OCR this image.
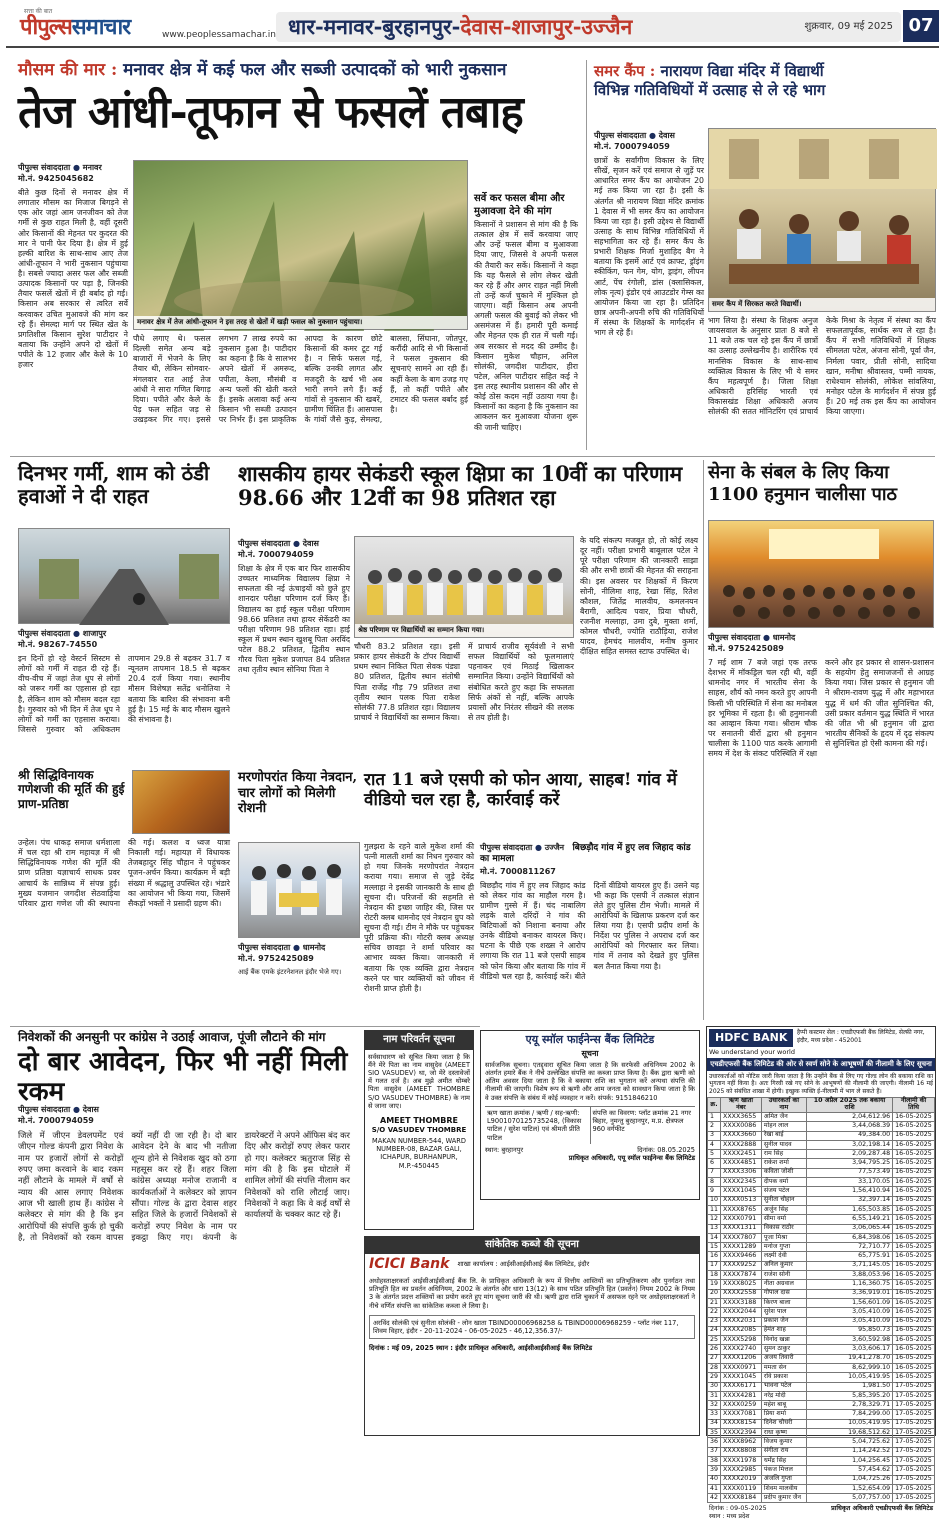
सत्ता की बात
पीपुल्ससमाचार	www.peoplessamachar.in धार-मनावर-बुरहानपुर-देवास-शाजापुर-उज्जैन	शुक्रवार, 09 मई 2025 07
मौसम की मार : मनावर क्षेत्र में कई फल और सब्जी उत्पादकों को भारी नुकसान
तेज आंधी-तूफान से फसलें तबाह
पीपुल्स संवाददाता ● मनावर
मो.नं. 9425045682
बीते कुछ दिनों से मनावर क्षेत्र में लगातार मौसम का मिजाज बिगड़ने से एक ओर जहां आम जनजीवन को तेज गर्मी से कुछ राहत मिली है, वहीं दूसरी ओर किसानों की मेहनत पर कुदरत की मार ने पानी फेर दिया है। क्षेत्र में हुई हल्की बारिश के साथ-साथ आए तेज आंधी-तूफान ने भारी नुकसान पहुंचाया है। सबसे ज्यादा असर फल और सब्जी उत्पादक किसानों पर पड़ा है, जिनकी तैयार फसलें खेतों में ही बर्बाद हो गईं। किसान अब सरकार से त्वरित सर्वे करवाकर उचित मुआवजे की मांग कर रहे हैं। सेमल्दा मार्ग पर स्थित खेत के प्रगतिशील किसान सुरेश पाटीदार ने बताया कि उन्होंने अपने दो खेतों में पपीते के 12 हजार और केले के 10 हजार
मनावर क्षेत्र में तेज आंधी-तूफान ने इस तरह से खेतों में खड़ी फसल को नुकसान पहुंचाया।
पौधे लगाए थे। फसल दिल्ली समेत अन्य बड़े बाजारों में भेजने के लिए तैयार थी, लेकिन सोमवार-मंगलवार रात आई तेज आंधी ने सारा गणित बिगाड़ दिया। पपीते और केले के पेड़ फल सहित जड़ से उखड़कर गिर गए। इससे लगभग 7 लाख रुपये का नुकसान हुआ है। पाटीदार का कहना है कि वे सालभर अपने खेतों में अमरूद, पपीता, केला, मौसंबी व अन्य फलों की खेती करते हैं। इसके अलावा कई अन्य किसान भी सब्जी उत्पादन पर निर्भर हैं। इस प्राकृतिक आपदा के कारण छोटे किसानों की कमर टूट गई है। न सिर्फ फसल गई, बल्कि उनकी लागत और मजदूरी के खर्च भी अब भारी लगने लगे हैं। कई गांवों से नुकसान की खबरें, ग्रामीण चिंतित हैं। आसपास के गांवों जैसे कुड़, सेमल्दा, बालसा, सिंघाना, जोतपुर, करौंदी आदि से भी किसानों ने फसल नुकसान की सूचनाएं सामने आ रही हैं। कहीं केला के बाग उजड़ गए हैं, तो कहीं पपीते और टमाटर की फसल बर्बाद हुई है।
सर्वे कर फसल बीमा और मुआवजा देने की मांग
किसानों ने प्रशासन से मांग की है कि तत्काल क्षेत्र में सर्वे करवाया जाए और उन्हें फसल बीमा व मुआवजा दिया जाए, जिससे वे अपनी फसल की तैयारी कर सकें। किसानों ने कहा कि यह फैसले से लोग लेकर खेती कर रहे हैं और अगर राहत नहीं मिली तो उन्हें कर्ज चुकाने में मुश्किल हो जाएगा। वहीं किसान अब अपनी अगली फसल की बुवाई को लेकर भी असमंजस में हैं। हमारी पूरी कमाई और मेहनत एक ही रात में चली गई। अब सरकार से मदद की उम्मीद है। किसान मुकेश चौहान, अनिल सोलंकी, जगदीश पाटीदार, हीरा पटेल, अनिल पाटीदार सहित कई ने इस तरह स्थानीय प्रशासन की और से कोई ठोस कदम नहीं उठाया गया है। किसानों का कहना है कि नुकसान का आकलन कर मुआवजा योजना शुरू की जानी चाहिए।
समर कैंप : नारायण विद्या मंदिर में विद्यार्थी
विभिन्न गतिविधियों में उत्साह से ले रहे भाग
पीपुल्स संवाददाता ● देवास
मो.नं. 7000794059
छात्रों के सर्वांगीण विकास के लिए सीखें, सृजन करें एवं समाज से जुड़ें पर आधारित समर कैंप का आयोजन 20 मई तक किया जा रहा है। इसी के अंतर्गत श्री नारायण विद्या मंदिर क्रमांक 1 देवास में भी समर कैंप का आयोजन किया जा रहा है। इसी उद्देश्य से विद्यार्थी उत्साह के साथ विभिन्न गतिविधियों में सहभागिता कर रहे हैं। समर कैंप के प्रभारी शिक्षक मिर्जा मुशाहिद बैग ने बताया कि इसमें आर्ट एवं क्राफ्ट, ड्रॉइंग स्कीकिंग, फन गेम, योग, ड्राइंग, लीपन आर्ट, पेंच रंगोली, डांस (क्लासिकल, लोक नृत्य) इंडोर एवं आउटडोर गेम्स का आयोजन किया जा रहा है। प्रतिदिन छात्र अपनी-अपनी रुचि की गतिविधियों में संस्था के शिक्षकों के मार्गदर्शन में भाग ले रहे हैं।
समर कैंप में सिरकत करते विद्यार्थी।
भाग लिया है। संस्था के शिक्षक अनुज जायसवाल के अनुसार प्रातः 8 बजे से 11 बजे तक चल रहे इस कैंप में छात्रों का उत्साह उल्लेखनीय है। शारीरिक एवं मानसिक विकास के साथ-साथ व्यक्तित्व विकास के लिए भी ये समर कैंप महत्वपूर्ण है। जिला शिक्षा अधिकारी हरिसिंह भारती एवं विकासखंड शिक्षा अधिकारी अजय सोलंकी की सतत मॉनिटरिंग एवं प्राचार्य केके मिश्रा के नेतृत्व में संस्था का कैंप सफलतापूर्वक, सार्थक रूप ले रहा है। कैंप में सभी गतिविधियों में शिक्षक सीमलता पटेल, अंजना सोनी, पूर्वा जैन, निर्मला पवार, प्रीती सोनी, सादिया खान, मनीषा श्रीवास्तव, पम्मी नायक, राधेश्याम सोलंकी, लोकेश सांवलिया, मनोहर पटेल के मार्गदर्शन में संपन्न हुई हैं। 20 मई तक इस कैंप का आयोजन किया जाएगा।
दिनभर गर्मी, शाम को ठंडी हवाओं ने दी राहत
पीपुल्स संवाददाता ● शाजापुर
मो.नं. 98267-74550
इन दिनों हो रहे वेस्टर्न सिस्टम से लोगों को गर्मी में राहत दी रहे हैं। वीच-वीच में जहां तेज धूप से लोगों को जरूर गर्मी का एहसास हो रहा है, लेकिन शाम को मौसम बदल रहा है। गुरुवार को भी दिन में तेज धूप ने लोगों को गर्मी का एहसास कराया। जिससे गुरुवार को अधिकतम तापमान 29.8 से बढ़कर 31.7 व न्यूनतम तापमान 18.5 से बढ़कर 20.4 दर्ज किया गया। स्थानीय मौसम विशेषज्ञ सतेंद्र धनोतिया ने बताया कि बारिश की संभावना बनी हुई है। 15 मई के बाद मौसम खुलने की संभावना है।
श्री सिद्धिविनायक गणेशजी की मूर्ति की हुई प्राण-प्रतिष्ठा
उन्हेल। पंच धाकड़ समाज धर्मशाला में चल रहा श्री राम महायज्ञ में श्री सिद्धिविनायक गणेश की मूर्ति की प्राण प्रतिष्ठा यज्ञाचार्य साधक प्रवर आचार्य के सान्निध्य में संपन्न हुई। मुख्य यजमान जगदीश सेठवाड़िया परिवार द्वारा गणेश जी की स्थापना की गई। कलश व ध्वज यात्रा निकाली गई। महायज्ञ में विधायक तेजबहादुर सिंह चौहान ने पहुंचकर पूजन-अर्चन किया। कार्यक्रम में बड़ी संख्या में श्रद्धालु उपस्थित रहे। भंडारे का आयोजन भी किया गया, जिसमें सैकड़ों भक्तों ने प्रसादी ग्रहण की।
शासकीय हायर सेकंडरी स्कूल क्षिप्रा का 10वीं का परिणाम 98.66 और 12वीं का 98 प्रतिशत रहा
पीपुल्स संवाददाता ● देवास
मो.नं. 7000794059
शिक्षा के क्षेत्र में एक बार फिर शासकीय उच्चतर माध्यमिक विद्यालय क्षिप्रा ने सफलता की नई ऊंचाइयों को छुते हुए शानदार परीक्षा परिणाम दर्ज किए हैं। विद्यालय का हाई स्कूल परीक्षा परिणाम 98.66 प्रतिशत तथा हायर सेकेंडरी का परीक्षा परिणाम 98 प्रतिशत रहा। हाई स्कूल में प्रथम स्थान खुशबू पिता अरविंद पटेल 88.2 प्रतिशत, द्वितीय स्थान गौरव पिता मुकेश प्रजापत 84 प्रतिशत तथा तृतीय स्थान सोनिया पिता ने
श्रेष्ठ परिणाम पर विद्यार्थियों का सम्मान किया गया।
चौधरी 83.2 प्रतिशत रहा। इसी प्रकार हायर सेकंडरी के टॉपर विद्यार्थी प्रथम स्थान निकित पिता सेवक पंड्या 80 प्रतिशत, द्वितीय स्थान संतोषी पिता राजेंद्र गौड़ 79 प्रतिशत तथा तृतीय स्थान पलक पिता राकेश सोलंकी 77.8 प्रतिशत रहा। विद्यालय प्राचार्य ने विद्यार्थियों का सम्मान किया। में प्राचार्य राजीव सूर्यवंशी ने सभी सफल विद्यार्थियों को फूलमालाएं पहनाकर एवं मिठाई खिलाकर सम्मानित किया। उन्होंने विद्यार्थियों को संबोधित करते हुए कहा कि सफलता सिर्फ अंकों से नहीं, बल्कि आपके प्रयासों और निरंतर सीखने की ललक से तय होती है।
के यदि संकल्प मजबूत हो, तो कोई लक्ष्य दूर नहीं। परीक्षा प्रभारी बाबूलाल पटेल ने पूरे परीक्षा परिणाम की जानकारी साझा की और सभी छात्रों की मेहनत की सराहना की। इस अवसर पर शिक्षकों में किरण सोनी, नीलिमा शाह, रेखा सिंह, रितेश कौशल, जितेंद्र मालवीय, कमलनयन बैरागी, आदित्य पवार, प्रिया चौधरी, रजनीश मल्लाहा, उमा दुबे, मुक्ता शर्मा, कोमल चौधरी, ज्योति राठौड़िया, राजेश यादव, हेमचंद मालवीय, मनीष कुमार दीक्षित सहित समस्त स्टाफ उपस्थित थे।
सेना के संबल के लिए किया 1100 हनुमान चालीसा पाठ
पीपुल्स संवाददाता ● धामनोद
मो.नं. 9752425089
7 मई शाम 7 बजे जहां एक तरफ देशभर में मॉकड्रिल चल रही थी, वहीं धामनोद नगर में भारतीय सेना के साहस, शौर्य को नमन करते हुए आपनी किसी भी परिस्थिति में सेना का मनोबल हर भूमिका में रहता है। श्री हनुमानजी का आव्हान किया गया। श्रीराम चौक पर सनातनी वीरों द्वारा श्री हनुमान चालीसा के 1100 पाठ करके आगामी समय में देश के संकट परिस्थिति में रक्षा करने और हर प्रकार से शासन-प्रशासन के सहयोग हेतु समाजजनों से आग्रह किया गया। जिस प्रकार से हनुमान जी ने श्रीराम-रावण युद्ध में और महाभारत युद्ध में धर्म की जीत सुनिश्चित की, उसी प्रकार वर्तमान युद्ध स्थिति में भारत की जीत भी श्री हनुमान जी द्वारा भारतीय सैनिकों के हृदय में दृढ़ संकल्प से सुनिश्चित हो ऐसी कामना की गई।
मरणोपरांत किया नेत्रदान, चार लोगों को मिलेगी रोशनी
पीपुल्स संवाददाता ● धामनोद
मो.नं. 9752425089
आई बैंक एमके इंटरनेशनल इंदौर भेजे गए।
गुलझरा के रहने वाले मुकेश शर्मा की पत्नी मालती शर्मा का निधन गुरुवार को हो गया जिनके मरणोपरांत नेत्रदान कराया गया। समाज से जुड़े देवेंद्र मल्लाहा ने इसकी जानकारी के साथ ही सूचना दी। परिजनों की सहमति से नेत्रदान की इच्छा जाहिर की, जिस पर रोटरी क्लब धामनोद एवं नेत्रदान ग्रुप को सूचना दी गई। टीम ने मौके पर पहुंचकर पूरी प्रक्रिया की। गोटरी क्लब अध्यक्ष सचिव छावड़ा ने शर्मा परिवार का आभार व्यक्त किया। जानकारी में बताया कि एक व्यक्ति द्वारा नेत्रदान करने पर चार व्यक्तियों को जीवन में रोशनी प्राप्त होती है।
रात 11 बजे एसपी को फोन आया, साहब! गांव में वीडियो चल रहा है, कार्रवाई करें
पीपुल्स संवाददाता ● उज्जैन बिछड़ौद गांव में हुए लव जिहाद कांड का मामला
मो.नं. 7000811267
बिछड़ौद गांव में हुए लव जिहाद कांड को लेकर गांव का माहौल गरम है। ग्रामीण गुस्से में हैं। चंद नाबालिग लड़के वाले दरिंदों ने गांव की बिटियाओं को निशाना बनाया और उनके वीडियो बनाकर वायरल किए। घटना के पीछे एक शख्स ने आरोप लगाया कि रात 11 बजे एसपी साहब को फोन किया और बताया कि गांव में वीडियो चल रहा है, कार्रवाई करें। बीते दिनों वीडियो वायरल हुए हैं। उसने यह भी कहा कि एसपी ने तत्काल संज्ञान लेते हुए पुलिस टीम भेजी। मामले में आरोपियों के खिलाफ प्रकरण दर्ज कर लिया गया है। एसपी प्रदीप शर्मा के निर्देश पर पुलिस ने अपराध दर्ज कर आरोपियों को गिरफ्तार कर लिया। गांव में तनाव को देखते हुए पुलिस बल तैनात किया गया है।
निवेशकों की अनसुनी पर कांग्रेस ने उठाई आवाज, पूंजी लौटाने की मांग
दो बार आवेदन, फिर भी नहीं मिली रकम
पीपुल्स संवाददाता ● देवास
मो.नं. 7000794059
जिले में जीएन डेवलपमेंट एवं जीएन गोल्ड कंपनी द्वारा निवेश के नाम पर हजारों लोगों से करोड़ों रुपए जमा करवाने के बाद रकम नहीं लौटाने के मामले में वर्षों से न्याय की आस लगाए निवेशक आज भी खाली हाथ हैं। कांग्रेस ने कलेक्टर से मांग की है कि इन आरोपियों की संपत्ति कुर्क हो चुकी है, तो निवेशकों को रकम वापस क्यों नहीं दी जा रही है। दो बार आवेदन देने के बाद भी नतीजा शून्य होने से निवेशक खुद को ठगा महसूस कर रहे हैं। शहर जिला कांग्रेस अध्यक्ष मनोज राजानी व कार्यकर्ताओं ने कलेक्टर को ज्ञापन सौंपा। गोल्ड के द्वारा देवास शहर सहित जिले के हजारों निवेशकों से करोड़ों रुपए निवेश के नाम पर इकट्ठा किए गए। कंपनी के डायरेक्टरों ने अपने ऑफिस बंद कर दिए और करोड़ों रुपए लेकर फरार हो गए। कलेक्टर ऋतुराज सिंह से मांग की है कि इस घोटाले में शामिल लोगों की संपत्ति नीलाम कर निवेशकों को राशि लौटाई जाए। निवेशकों ने कहा कि वे कई वर्षों से कार्यालयों के चक्कर काट रहे हैं।
नाम परिवर्तन सूचना
सर्वसाधारण को सूचित किया जाता है कि मैंने मेरे पिता का नाम वासुदेव (AMEET SIO VASUDEV) था, जो मेरे दस्तावेजों में गलत दर्ज है। अब मुझे अमीत थोम्बरे पिता वासुदेव (AMEET THOMBRE S/O VASUDEV THOMBRE) के नाम से जाना जाए।
AMEET THOMBRE
S/O VASUDEV THOMBRE
MAKAN NUMBER-544, WARD NUMBER-08, BAZAR GALI, ICHAPUR, BURHANPUR, M.P.-450445
एयू स्मॉल फाईनेन्स बैंक लिमिटेड
सूचना
सार्वजनिक सूचना। एतद्द्वारा सूचित किया जाता है कि सरफेसी अधिनियम 2002 के अंतर्गत हमारे बैंक ने नीचे उल्लेखित संपत्ति का कब्जा प्राप्त किया है। बैंक द्वारा ऋणी को अंतिम अवसर दिया जाता है कि वे बकाया राशि का भुगतान करें अन्यथा संपत्ति की नीलामी की जाएगी। विशेष रूप से ऋणी और आम जनता को सावधान किया जाता है कि वे उक्त संपत्ति के संबंध में कोई व्यवहार न करें। संपर्क: 9151846210
ऋण खाता क्रमांक / ऋणी / सह-ऋणी: L9001070125735248, (विकास पाटिल / सुरेश पाटिल) एवं श्रीमती प्रीति पाटिल
संपत्ति का विवरण: प्लॉट क्रमांक 21 नगर बिहार, नुमन्तु बुरहानपुर, म.प्र. क्षेत्रफल 960 वर्गफीट
स्थान: बुरहानपुर	दिनांक: 08.05.2025
प्राधिकृत अधिकारी, एयू स्मॉल फाईनेन्स बैंक लिमिटेड
सांकेतिक कब्जे की सूचना
ICICI Bank शाखा कार्यालय : आईसीआईसीआई बैंक लिमिटेड, इंदौर
अधोहस्ताक्षरकर्ता आईसीआईसीआई बैंक लि. के प्राधिकृत अधिकारी के रूप में वित्तीय आस्तियों का प्रतिभूतिकरण और पुनर्गठन तथा प्रतिभूति हित का प्रवर्तन अधिनियम, 2002 के अंतर्गत और धारा 13(12) के साथ पठित प्रतिभूति हित (प्रवर्तन) नियम 2002 के नियम 3 के अंतर्गत प्रदत्त शक्तियों का प्रयोग करते हुए मांग सूचना जारी की थी। ऋणी द्वारा राशि चुकाने में असफल रहने पर अधोहस्ताक्षरकर्ता ने नीचे वर्णित संपत्ति का सांकेतिक कब्जा ले लिया है।
अरविंद सोलंकी एवं सुनीता सोलंकी - लोन खाता TBIND00006968258 & TBIND00006968259 - प्लॉट नंबर 117, शिवम विहार, इंदौर - 20-11-2024 - 06-05-2025 - 46,12,356.37/-
दिनांक : मई 09, 2025 स्थान : इंदौर प्राधिकृत अधिकारी, आईसीआईसीआई बैंक लिमिटेड
HDFC BANK
We understand your world
हैप्पी कस्टमर सेल : एचडीएफसी बैंक लिमिटेड, सेल्फ़ी नगर, इंदौर, मध्य प्रदेश - 452001
एचडीएफसी बैंक लिमिटेड की ओर से स्वर्ण सोने के आभूषणों की नीलामी के लिए सूचना
उधारकर्ताओं को नोटिस जारी किया जाता है कि उन्होंने बैंक से लिए गए गोल्ड लोन की बकाया राशि का भुगतान नहीं किया है। अतः गिरवी रखे गए सोने के आभूषणों की नीलामी की जाएगी। नीलामी 16 मई 2025 को संबंधित शाखा में होगी। इच्छुक व्यक्ति ई-नीलामी में भाग ले सकते हैं।
क्र.	ऋण खाता नंबर	उधारकर्ता का नाम	10 अप्रैल 2025 तक बकाया राशि	नीलामी की तिथि
1	XXXX3655	अमित जैन	2,04,612.96	16-05-2025
2	XXXX0086	मोहन लाल	3,44,068.39	16-05-2025
3	XXXX3660	रेखा बाई	49,384.00	16-05-2025
4	XXXX2888	सुनील यादव	3,02,198.14	16-05-2025
5	XXXX2451	राम सिंह	2,09,287.48	16-05-2025
6	XXXX4851	राकेश शर्मा	3,94,795.25	16-05-2025
7	XXXX3306	कविता जोशी	77,573.49	16-05-2025
8	XXXX2345	दीपक वर्मा	33,170.05	16-05-2025
9	XXXX1045	संजय पटेल	1,56,410.94	16-05-2025
10	XXXX0513	सुनीता चौहान	32,397.14	16-05-2025
11	XXXX8765	अर्जुन सिंह	1,65,503.85	16-05-2025
12	XXXX0791	सीमा वर्मा	6,55,149.21	16-05-2025
13	XXXX1311	विकास राठौर	3,06,065.44	16-05-2025
14	XXXX7807	पूजा मिश्रा	6,84,398.06	16-05-2025
15	XXXX1289	मनोज गुप्ता	72,710.77	16-05-2025
16	XXXX9466	लक्ष्मी देवी	65,775.91	16-05-2025
17	XXXX9252	अनिल कुमार	3,71,145.05	16-05-2025
18	XXXX7874	राजेश सोनी	3,88,053.96	16-05-2025
19	XXXX8025	नीता अग्रवाल	1,16,360.75	16-05-2025
20	XXXX2558	गोपाल दास	3,36,919.01	16-05-2025
21	XXXX3188	किरण बाला	1,56,601.09	16-05-2025
22	XXXX2044	सुरेश पाल	3,05,410.09	16-05-2025
23	XXXX2031	प्रकाश जैन	3,05,410.09	16-05-2025
24	XXXX2085	हेमंत शाह	95,850.73	16-05-2025
25	XXXX5298	विनोद खन्ना	3,60,592.98	16-05-2025
26	XXXX2740	सुमन ठाकुर	3,03,606.17	16-05-2025
27	XXXX1206	अजय तिवारी	19,41,278.70	16-05-2025
28	XXXX0971	ममता सेन	8,62,999.10	16-05-2025
29	XXXX1045	रवि प्रकाश	10,05,419.95	16-05-2025
30	XXXX6171	भावना पटेल	1,981.50	17-05-2025
31	XXXX4281	नरेंद्र मोदी	5,85,395.20	17-05-2025
32	XXXX0259	महेश बाबू	2,78,329.71	17-05-2025
33	XXXX7081	प्रिया शर्मा	7,84,299.00	17-05-2025
34	XXXX8154	दिनेश चौधरी	10,05,419.95	17-05-2025
35	XXXX2394	राधा कृष्ण	19,68,512.62	17-05-2025
36	XXXX8962	विजय कुमार	5,04,725.62	17-05-2025
37	XXXX8808	संगीता राय	1,14,242.52	17-05-2025
38	XXXX1978	धर्मेंद्र सिंह	1,04,256.45	17-05-2025
39	XXXX2985	पंकज मित्तल	57,454.62	17-05-2025
40	XXXX2019	अंजलि गुप्ता	1,04,725.26	17-05-2025
41	XXXX0119	शिवम मालवीय	1,52,654.09	17-05-2025
42	XXXX8184	प्रदीप कुमार जैन	5,07,757.00	17-05-2025
दिनांक : 09-05-2025
स्थान : मध्य प्रदेश
प्राधिकृत अधिकारी एचडीएफसी बैंक लिमिटेड
